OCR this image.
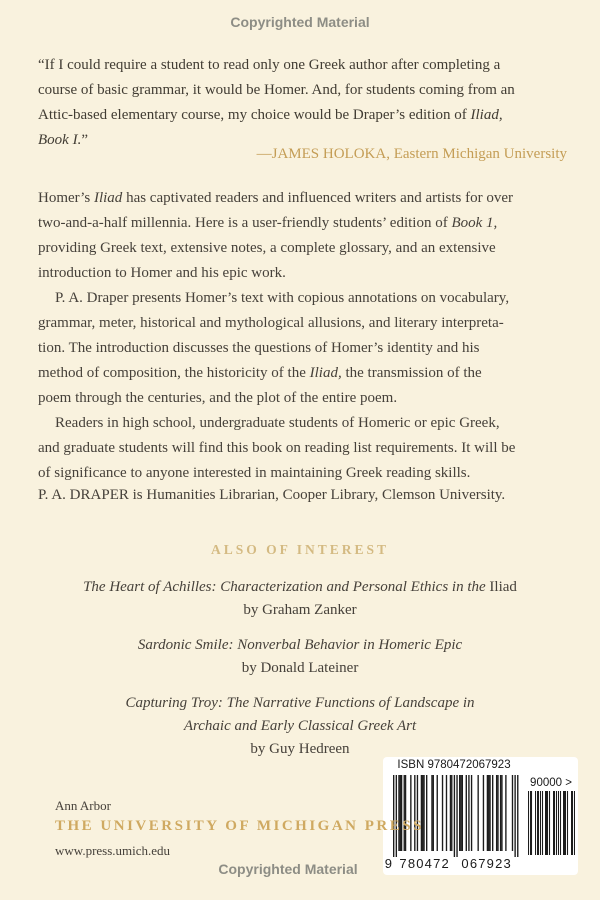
Copyrighted Material
“If I could require a student to read only one Greek author after completing a
course of basic grammar, it would be Homer. And, for students coming from an
Attic-based elementary course, my choice would be Draper’s edition of Iliad,
Book I.”
—JAMES HOLOKA, Eastern Michigan University

Homer’s Iliad has captivated readers and influenced writers and artists for over
two-and-a-half millennia. Here is a user-friendly students’ edition of Book 1,
providing Greek text, extensive notes, a complete glossary, and an extensive
introduction to Homer and his epic work.

P. A. Draper presents Homer’s text with copious annotations on vocabulary,
grammar, meter, historical and mythological allusions, and literary interpreta-
tion. The introduction discusses the questions of Homer’s identity and his
method of composition, the historicity of the Iliad, the transmission of the
poem through the centuries, and the plot of the entire poem.

Readers in high school, undergraduate students of Homeric or epic Greek,
and graduate students will find this book on reading list requirements. It will be
of significance to anyone interested in maintaining Greek reading skills.

P. A. DRAPER is Humanities Librarian, Cooper Library, Clemson University.
ALSO OF INTEREST
The Heart of Achilles: Characterization and Personal Ethics in the Iliad
by Graham Zanker
Sardonic Smile: Nonverbal Behavior in Homeric Epic
by Donald Lateiner
Capturing Troy: The Narrative Functions of Landscape in
Archaic and Early Classical Greek Art
by Guy Hedreen
ISBN 9780472067923
9 780472 067923
90000 >
Ann Arbor
THE UNIVERSITY OF MICHIGAN PRESS
www.press.umich.edu
Copyrighted Material
